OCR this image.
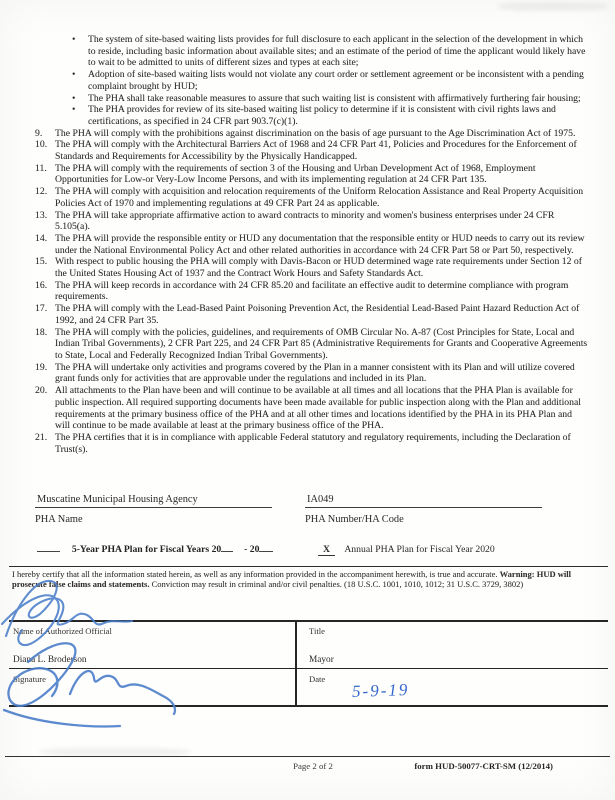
• The system of site-based waiting lists provides for full disclosure to each applicant in the selection of the development in which to reside, including basic information about available sites; and an estimate of the period of time the applicant would likely have to wait to be admitted to units of different sizes and types at each site;
• Adoption of site-based waiting lists would not violate any court order or settlement agreement or be inconsistent with a pending complaint brought by HUD;
• The PHA shall take reasonable measures to assure that such waiting list is consistent with affirmatively furthering fair housing;
• The PHA provides for review of its site-based waiting list policy to determine if it is consistent with civil rights laws and certifications, as specified in 24 CFR part 903.7(c)(1).
9.	The PHA will comply with the prohibitions against discrimination on the basis of age pursuant to the Age Discrimination Act of 1975.
10. The PHA will comply with the Architectural Barriers Act of 1968 and 24 CFR Part 41, Policies and Procedures for the Enforcement of Standards and Requirements for Accessibility by the Physically Handicapped.
11. The PHA will comply with the requirements of section 3 of the Housing and Urban Development Act of 1968, Employment Opportunities for Low-or Very-Low Income Persons, and with its implementing regulation at 24 CFR Part 135.
12. The PHA will comply with acquisition and relocation requirements of the Uniform Relocation Assistance and Real Property Acquisition Policies Act of 1970 and implementing regulations at 49 CFR Part 24 as applicable.
13. The PHA will take appropriate affirmative action to award contracts to minority and women's business enterprises under 24 CFR 5.105(a).
14. The PHA will provide the responsible entity or HUD any documentation that the responsible entity or HUD needs to carry out its review under the National Environmental Policy Act and other related authorities in accordance with 24 CFR Part 58 or Part 50, respectively.
15. With respect to public housing the PHA will comply with Davis-Bacon or HUD determined wage rate requirements under Section 12 of the United States Housing Act of 1937 and the Contract Work Hours and Safety Standards Act.
16. The PHA will keep records in accordance with 24 CFR 85.20 and facilitate an effective audit to determine compliance with program requirements.
17. The PHA will comply with the Lead-Based Paint Poisoning Prevention Act, the Residential Lead-Based Paint Hazard Reduction Act of 1992, and 24 CFR Part 35.
18. The PHA will comply with the policies, guidelines, and requirements of OMB Circular No. A-87 (Cost Principles for State, Local and Indian Tribal Governments), 2 CFR Part 225, and 24 CFR Part 85 (Administrative Requirements for Grants and Cooperative Agreements to State, Local and Federally Recognized Indian Tribal Governments).
19. The PHA will undertake only activities and programs covered by the Plan in a manner consistent with its Plan and will utilize covered grant funds only for activities that are approvable under the regulations and included in its Plan.
20. All attachments to the Plan have been and will continue to be available at all times and all locations that the PHA Plan is available for public inspection. All required supporting documents have been made available for public inspection along with the Plan and additional requirements at the primary business office of the PHA and at all other times and locations identified by the PHA in its PHA Plan and will continue to be made available at least at the primary business office of the PHA.
21. The PHA certifies that it is in compliance with applicable Federal statutory and regulatory requirements, including the Declaration of Trust(s).
Muscatine Municipal Housing Agency	IA049
PHA Name	PHA Number/HA Code
5-Year PHA Plan for Fiscal Years 20 - 20	X Annual PHA Plan for Fiscal Year 2020
I hereby certify that all the information stated herein, as well as any information provided in the accompaniment herewith, is true and accurate. Warning: HUD will prosecute false claims and statements. Conviction may result in criminal and/or civil penalties. (18 U.S.C. 1001, 1010, 1012; 31 U.S.C. 3729, 3802)
Name of Authorized Official
Diana L. Broderson
Title
Mayor
Signature	Date
5-9-19
Page 2 of 2	form HUD-50077-CRT-SM (12/2014)
